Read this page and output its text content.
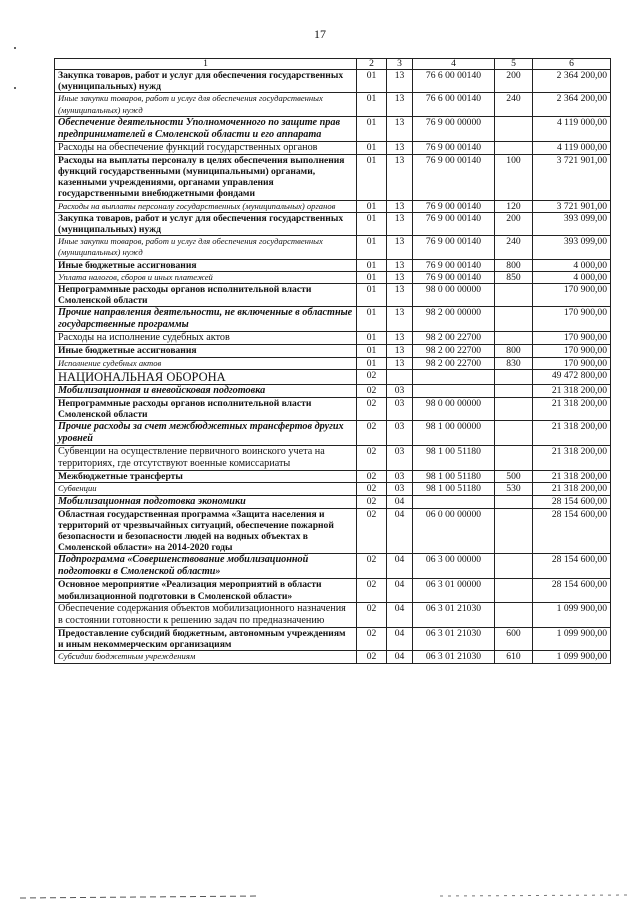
17
1	2	3	4	5	6
Закупка товаров, работ и услуг для обеспечения государственных (муниципальных) нужд	01	13	76 6 00 00140	200	2 364 200,00
Иные закупки товаров, работ и услуг для обеспечения государственных (муниципальных) нужд	01	13	76 6 00 00140	240	2 364 200,00
Обеспечение деятельности Уполномоченного по защите прав предпринимателей в Смоленской области и его аппарата	01	13	76 9 00 00000		4 119 000,00
Расходы на обеспечение функций государственных органов	01	13	76 9 00 00140		4 119 000,00
Расходы на выплаты персоналу в целях обеспечения выполнения функций государственными (муниципальными) органами, казенными учреждениями, органами управления государственными внебюджетными фондами	01	13	76 9 00 00140	100	3 721 901,00
Расходы на выплаты персоналу государственных (муниципальных) органов	01	13	76 9 00 00140	120	3 721 901,00
Закупка товаров, работ и услуг для обеспечения государственных (муниципальных) нужд	01	13	76 9 00 00140	200	393 099,00
Иные закупки товаров, работ и услуг для обеспечения государственных (муниципальных) нужд	01	13	76 9 00 00140	240	393 099,00
Иные бюджетные ассигнования	01	13	76 9 00 00140	800	4 000,00
Уплата налогов, сборов и иных платежей	01	13	76 9 00 00140	850	4 000,00
Непрограммные расходы органов исполнительной власти Смоленской области	01	13	98 0 00 00000		170 900,00
Прочие направления деятельности, не включенные в областные государственные программы	01	13	98 2 00 00000		170 900,00
Расходы на исполнение судебных актов	01	13	98 2 00 22700		170 900,00
Иные бюджетные ассигнования	01	13	98 2 00 22700	800	170 900,00
Исполнение судебных актов	01	13	98 2 00 22700	830	170 900,00
НАЦИОНАЛЬНАЯ ОБОРОНА	02				49 472 800,00
Мобилизационная и вневойсковая подготовка	02	03			21 318 200,00
Непрограммные расходы органов исполнительной власти Смоленской области	02	03	98 0 00 00000		21 318 200,00
Прочие расходы за счет межбюджетных трансфертов других уровней	02	03	98 1 00 00000		21 318 200,00
Субвенции на осуществление первичного воинского учета на территориях, где отсутствуют военные комиссариаты	02	03	98 1 00 51180		21 318 200,00
Межбюджетные трансферты	02	03	98 1 00 51180	500	21 318 200,00
Субвенции	02	03	98 1 00 51180	530	21 318 200,00
Мобилизационная подготовка экономики	02	04			28 154 600,00
Областная государственная программа «Защита населения и территорий от чрезвычайных ситуаций, обеспечение пожарной безопасности и безопасности людей на водных объектах в Смоленской области» на 2014-2020 годы	02	04	06 0 00 00000		28 154 600,00
Подпрограмма «Совершенствование мобилизационной подготовки в Смоленской области»	02	04	06 3 00 00000		28 154 600,00
Основное мероприятие «Реализация мероприятий в области мобилизационной подготовки в Смоленской области»	02	04	06 3 01 00000		28 154 600,00
Обеспечение содержания объектов мобилизационного назначения в состоянии готовности к решению задач по предназначению	02	04	06 3 01 21030		1 099 900,00
Предоставление субсидий бюджетным, автономным учреждениям и иным некоммерческим организациям	02	04	06 3 01 21030	600	1 099 900,00
Субсидии бюджетным учреждениям	02	04	06 3 01 21030	610	1 099 900,00
